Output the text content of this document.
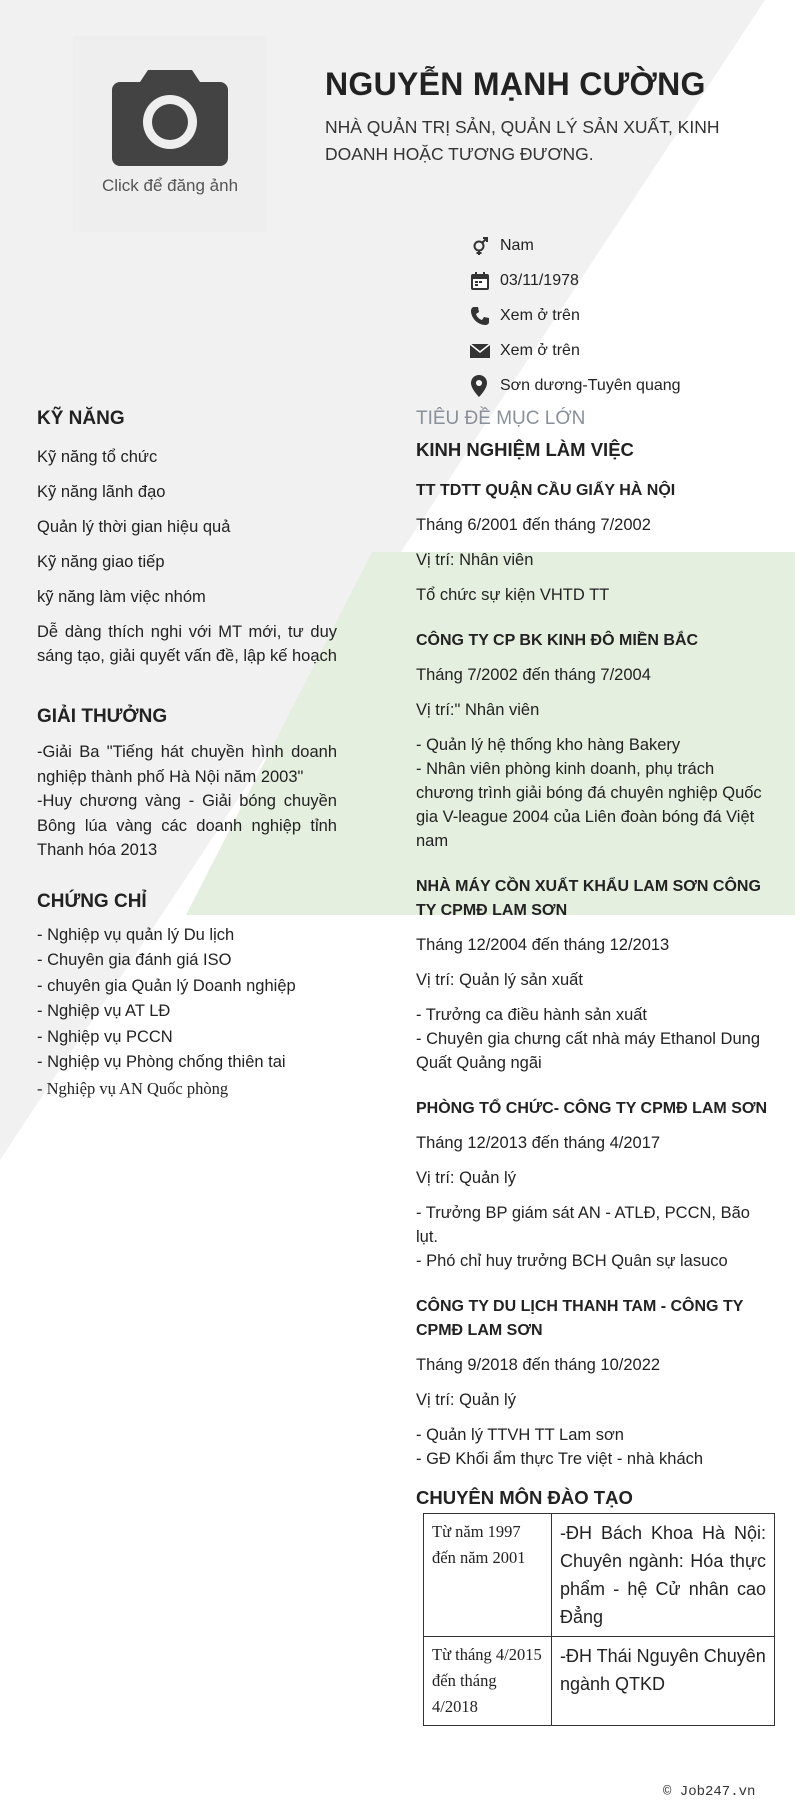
Click để đăng ảnh
NGUYỄN MẠNH CƯỜNG
NHÀ QUẢN TRỊ SẢN, QUẢN LÝ SẢN XUẤT, KINH DOANH HOẶC TƯƠNG ĐƯƠNG.
Nam
03/11/1978
Xem ở trên
Xem ở trên
Sơn dương-Tuyên quang
KỸ NĂNG
Kỹ năng tổ chức
Kỹ năng lãnh đạo
Quản lý thời gian hiệu quả
Kỹ năng giao tiếp
kỹ năng làm việc nhóm
Dễ dàng thích nghi với MT mới, tư duy sáng tạo, giải quyết vấn đề, lập kế hoạch
GIẢI THƯỞNG
-Giải Ba "Tiếng hát chuyền hình doanh nghiệp thành phố Hà Nội năm 2003"
-Huy chương vàng - Giải bóng chuyền Bông lúa vàng các doanh nghiệp tỉnh Thanh hóa 2013
CHỨNG CHỈ
- Nghiệp vụ quản lý Du lịch
- Chuyên gia đánh giá ISO
- chuyên gia Quản lý Doanh nghiệp
- Nghiệp vụ AT LĐ
- Nghiệp vụ PCCN
- Nghiệp vụ Phòng chống thiên tai
- Nghiệp vụ AN Quốc phòng
TIÊU ĐỀ MỤC LỚN
KINH NGHIỆM LÀM VIỆC
TT TDTT QUẬN CẦU GIẤY HÀ NỘI
Tháng 6/2001 đến tháng 7/2002
Vị trí: Nhân viên
Tổ chức sự kiện VHTD TT
CÔNG TY CP BK KINH ĐÔ MIỀN BẮC
Tháng 7/2002 đến tháng 7/2004
Vị trí:" Nhân viên
- Quản lý hệ thống kho hàng Bakery
- Nhân viên phòng kinh doanh, phụ trách chương trình giải bóng đá chuyên nghiệp Quốc gia V-league 2004 của Liên đoàn bóng đá Việt nam
NHÀ MÁY CỒN XUẤT KHẨU LAM SƠN CÔNG TY CPMĐ LAM SƠN
Tháng 12/2004 đến tháng 12/2013
Vị trí: Quản lý sản xuất
- Trưởng ca điều hành sản xuất
- Chuyên gia chưng cất nhà máy Ethanol Dung Quất Quảng ngãi
PHÒNG TỔ CHỨC- CÔNG TY CPMĐ LAM SƠN
Tháng 12/2013 đến tháng 4/2017
Vị trí: Quản lý
- Trưởng BP giám sát AN - ATLĐ, PCCN, Bão lụt.
- Phó chỉ huy trưởng BCH Quân sự lasuco
CÔNG TY DU LỊCH THANH TAM - CÔNG TY CPMĐ LAM SƠN
Tháng 9/2018 đến tháng 10/2022
Vị trí: Quản lý
- Quản lý TTVH TT Lam sơn
- GĐ Khối ẩm thực Tre việt - nhà khách
CHUYÊN MÔN ĐÀO TẠO
Từ năm 1997 đến năm 2001	-ĐH Bách Khoa Hà Nội: Chuyên ngành: Hóa thực phẩm - hệ Cử nhân cao Đẳng
Từ tháng 4/2015 đến tháng 4/2018	-ĐH Thái Nguyên Chuyên ngành QTKD
© Job247.vn
